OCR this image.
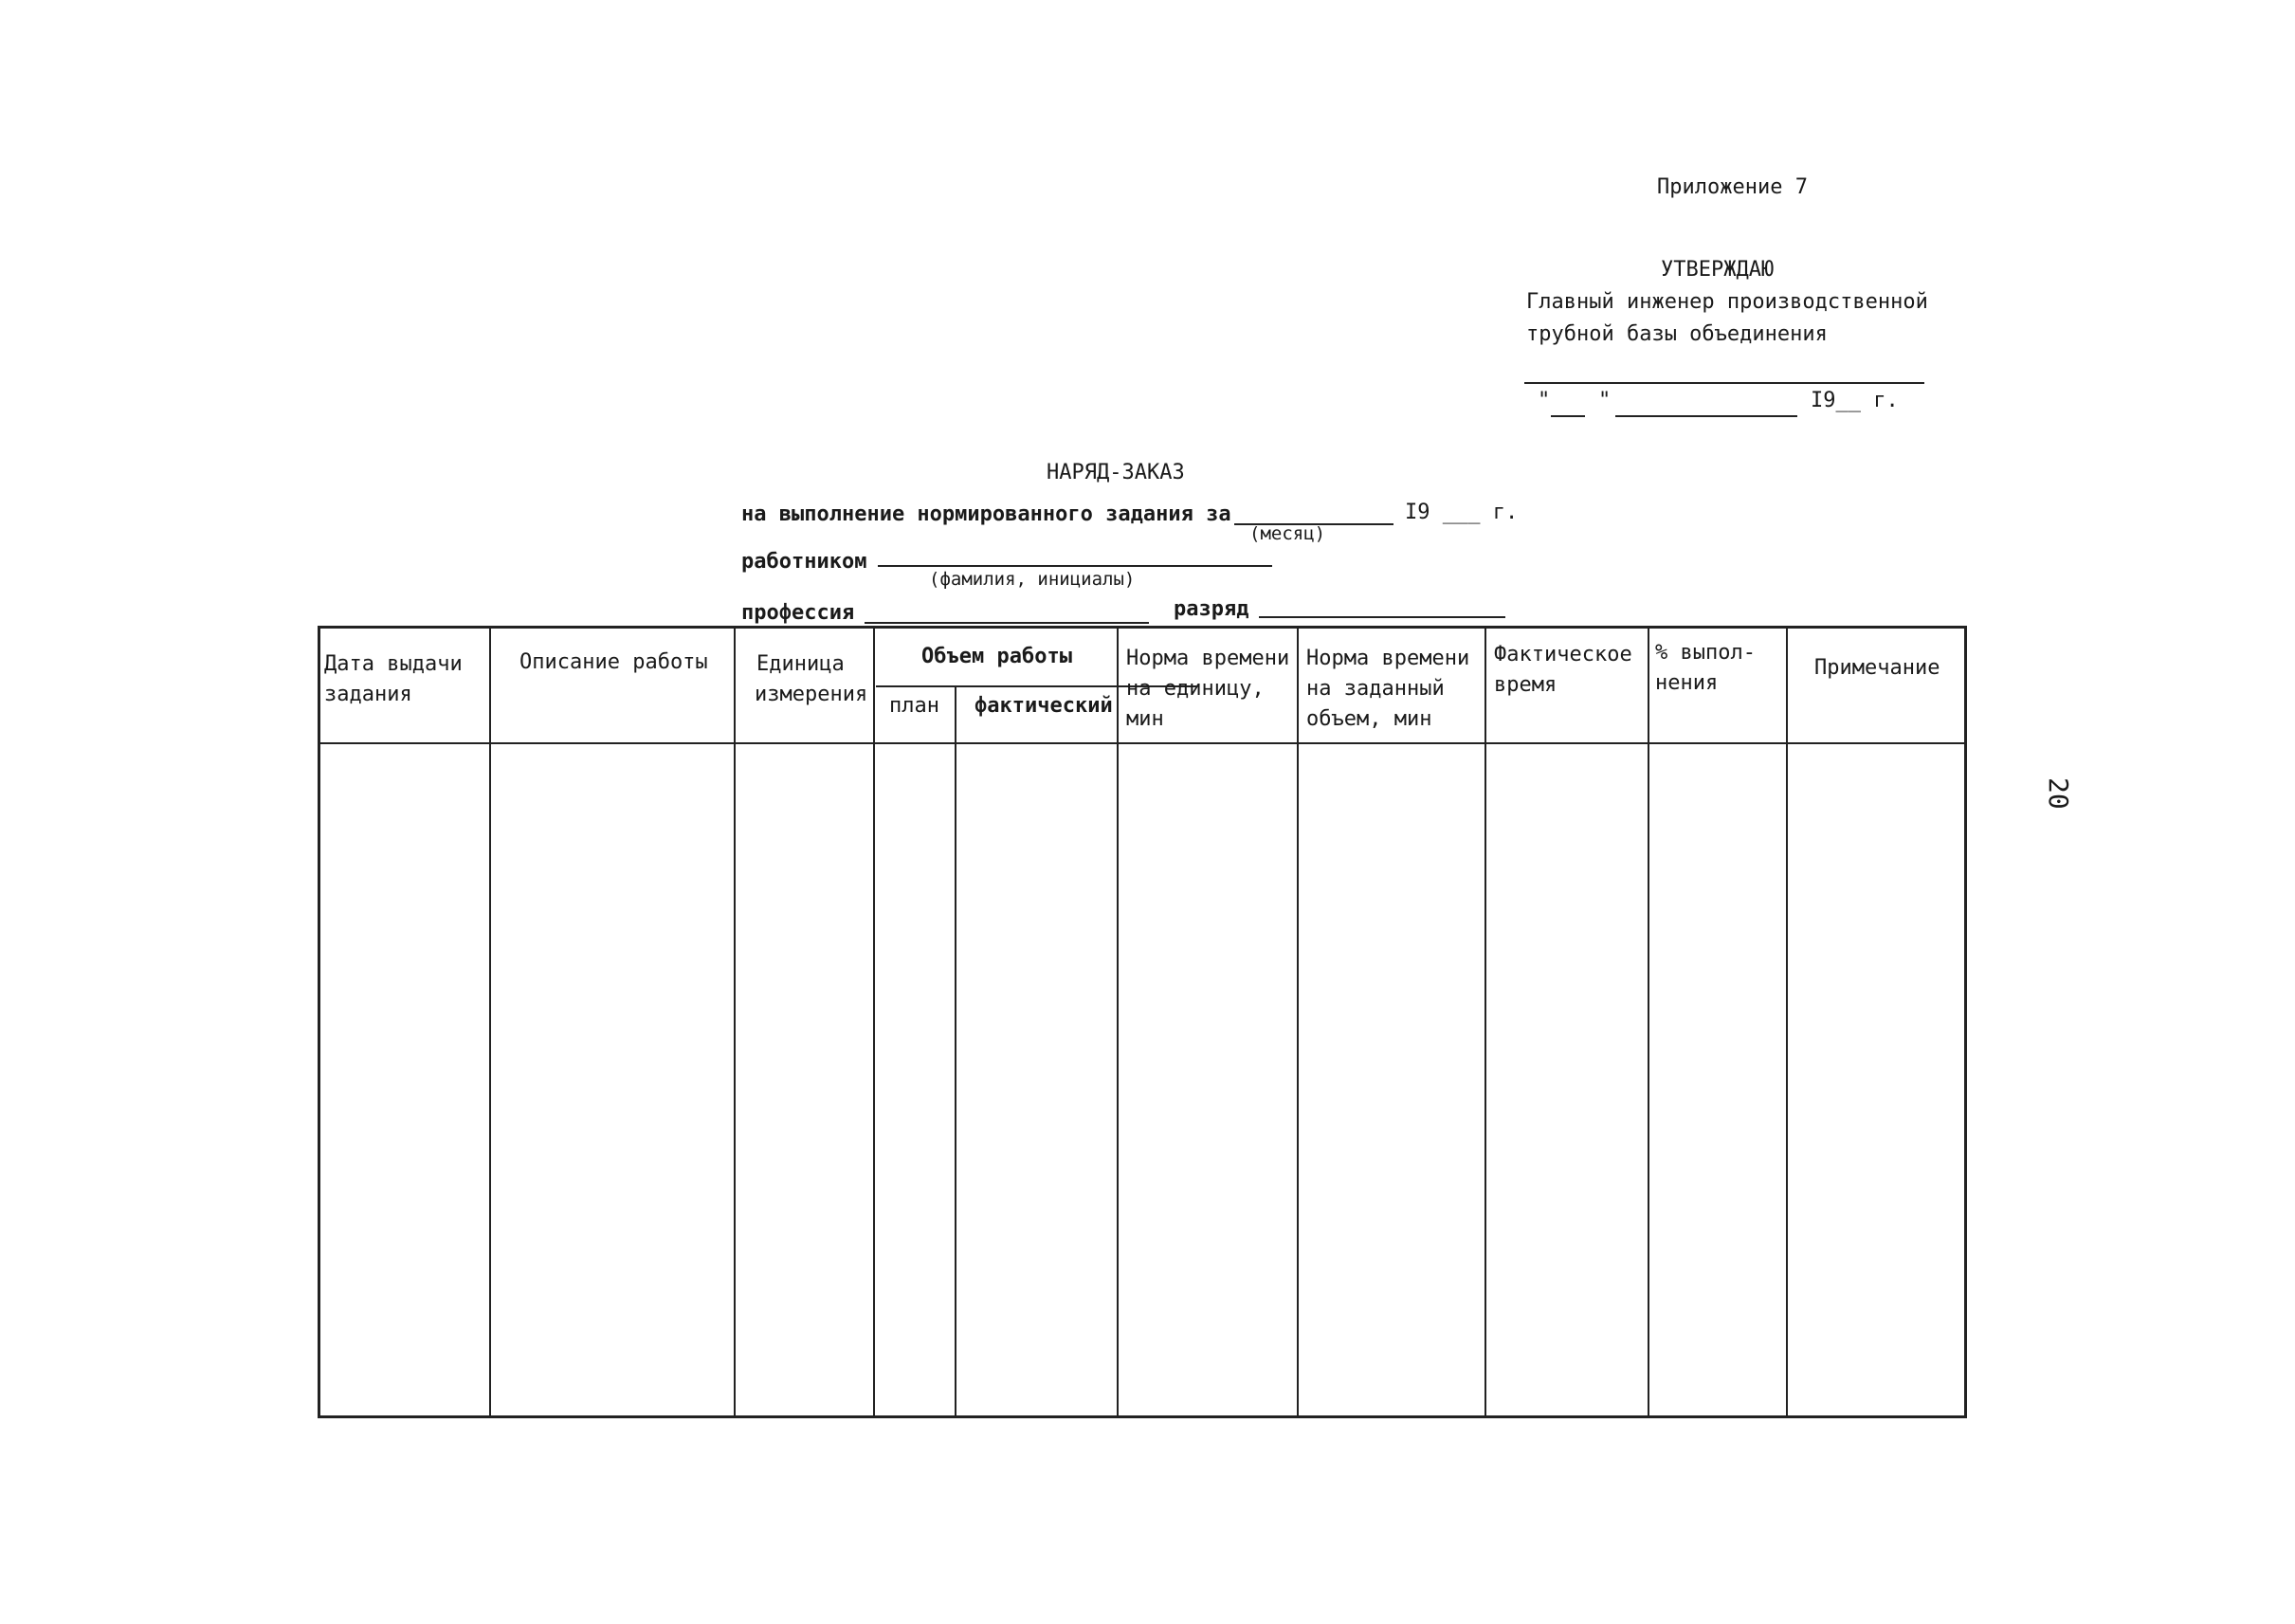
Приложение 7
УТВЕРЖДАЮ
Главный инженер производственной
трубной базы объединения
" "	I9__ г.
НАРЯД-ЗАКАЗ
на выполнение нормированного задания за
(месяц)
I9 ___ г.
работником
(фамилия, инициалы)
профессия	разряд
Дата выдачи
задания
Описание работы Единица
измерения
Объем работы
план фактический
Норма времени
на единицу,
мин
Норма времени
на заданный
объем, мин
Фактическое
время
% выпол-
нения
Примечание
20
